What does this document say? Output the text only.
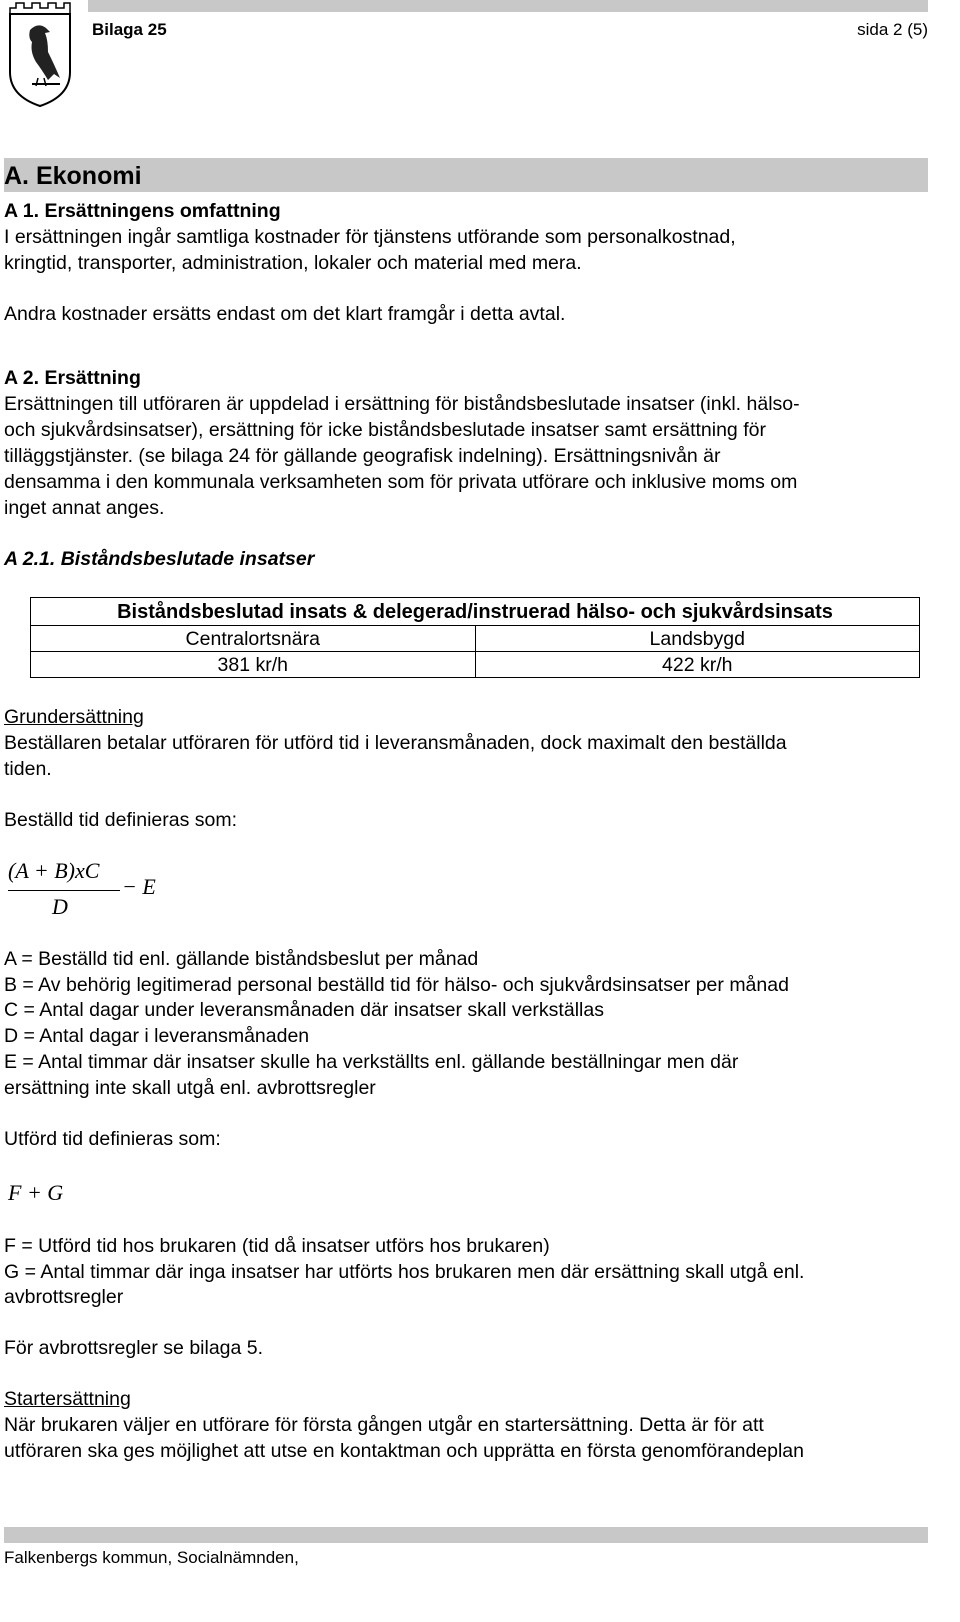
Bilaga 25	sida 2 (5)
A. Ekonomi
A 1. Ersättningens omfattning
I ersättningen ingår samtliga kostnader för tjänstens utförande som personalkostnad,
kringtid, transporter, administration, lokaler och material med mera.
Andra kostnader ersätts endast om det klart framgår i detta avtal.
A 2. Ersättning
Ersättningen till utföraren är uppdelad i ersättning för biståndsbeslutade insatser (inkl. hälso-
och sjukvårdsinsatser), ersättning för icke biståndsbeslutade insatser samt ersättning för
tilläggstjänster. (se bilaga 24 för gällande geografisk indelning). Ersättningsnivån är
densamma i den kommunala verksamheten som för privata utförare och inklusive moms om
inget annat anges.
A 2.1. Biståndsbeslutade insatser
Biståndsbeslutad insats & delegerad/instruerad hälso- och sjukvårdsinsats	
Centralortsnära	Landsbygd
381 kr/h	422 kr/h
Grundersättning
Beställaren betalar utföraren för utförd tid i leveransmånaden, dock maximalt den beställda
tiden.
Beställd tid definieras som:
(A + B)xC
D
− E
A = Beställd tid enl. gällande biståndsbeslut per månad
B = Av behörig legitimerad personal beställd tid för hälso- och sjukvårdsinsatser per månad
C = Antal dagar under leveransmånaden där insatser skall verkställas
D = Antal dagar i leveransmånaden
E = Antal timmar där insatser skulle ha verkställts enl. gällande beställningar men där
ersättning inte skall utgå enl. avbrottsregler
Utförd tid definieras som:
F + G
F = Utförd tid hos brukaren (tid då insatser utförs hos brukaren)
G = Antal timmar där inga insatser har utförts hos brukaren men där ersättning skall utgå enl.
avbrottsregler
För avbrottsregler se bilaga 5.
Startersättning
När brukaren väljer en utförare för första gången utgår en startersättning. Detta är för att
utföraren ska ges möjlighet att utse en kontaktman och upprätta en första genomförandeplan
Falkenbergs kommun, Socialnämnden,
